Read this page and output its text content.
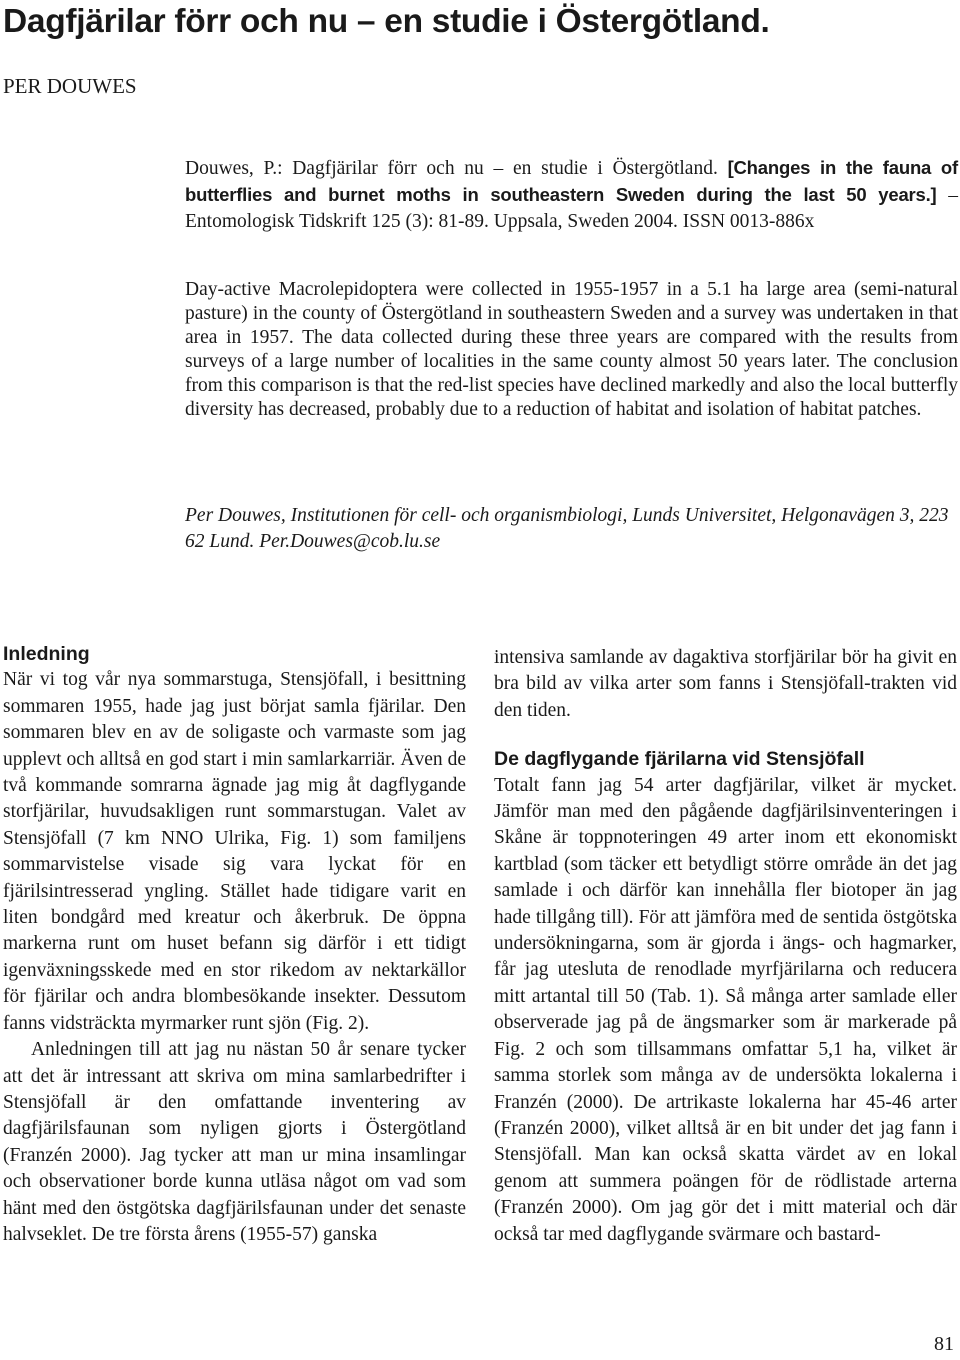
Dagfjärilar förr och nu – en studie i Östergötland.
PER DOUWES
Douwes, P.: Dagfjärilar förr och nu – en studie i Östergötland. [Changes in the fauna of butterflies and burnet moths in southeastern Sweden during the last 50 years.] – Entomologisk Tidskrift 125 (3): 81-89. Uppsala, Sweden 2004. ISSN 0013-886x
Day-active Macrolepidoptera were collected in 1955-1957 in a 5.1 ha large area (semi-natural pasture) in the county of Östergötland in southeastern Sweden and a survey was undertaken in that area in 1957. The data collected during these three years are compared with the results from surveys of a large number of localities in the same county almost 50 years later. The conclusion from this comparison is that the red-list species have declined markedly and also the local butterfly diversity has decreased, probably due to a reduction of habitat and isolation of habitat patches.
Per Douwes, Institutionen för cell- och organismbiologi, Lunds Universitet, Helgonavägen 3, 223 62 Lund. Per.Douwes@cob.lu.se
Inledning

När vi tog vår nya sommarstuga, Stensjöfall, i besittning sommaren 1955, hade jag just börjat samla fjärilar. Den sommaren blev en av de soligaste och varmaste som jag upplevt och alltså en god start i min samlarkarriär. Även de två kommande somrarna ägnade jag mig åt dagflygande storfjärilar, huvudsakligen runt sommarstugan. Valet av Stensjöfall (7 km NNO Ulrika, Fig. 1) som familjens sommarvistelse visade sig vara lyckat för en fjärilsintresserad yngling. Stället hade tidigare varit en liten bondgård med kreatur och åkerbruk. De öppna markerna runt om huset befann sig därför i ett tidigt igenväxningsskede med en stor rikedom av nektarkällor för fjärilar och andra blombesökande insekter. Dessutom fanns vidsträckta myrmarker runt sjön (Fig. 2).

Anledningen till att jag nu nästan 50 år senare tycker att det är intressant att skriva om mina samlarbedrifter i Stensjöfall är den omfattande inventering av dagfjärilsfaunan som nyligen gjorts i Östergötland (Franzén 2000). Jag tycker att man ur mina insamlingar och observationer borde kunna utläsa något om vad som hänt med den östgötska dagfjärilsfaunan under det senaste halvseklet. De tre första årens (1955-57) ganska

intensiva samlande av dagaktiva storfjärilar bör ha givit en bra bild av vilka arter som fanns i Stensjöfall-trakten vid den tiden.

De dagflygande fjärilarna vid Stensjöfall

Totalt fann jag 54 arter dagfjärilar, vilket är mycket. Jämför man med den pågående dagfjärilsinventeringen i Skåne är toppnoteringen 49 arter inom ett ekonomiskt kartblad (som täcker ett betydligt större område än det jag samlade i och därför kan innehålla fler biotoper än jag hade tillgång till). För att jämföra med de sentida östgötska undersökningarna, som är gjorda i ängs- och hagmarker, får jag utesluta de renodlade myrfjärilarna och reducera mitt artantal till 50 (Tab. 1). Så många arter samlade eller observerade jag på de ängsmarker som är markerade på Fig. 2 och som tillsammans omfattar 5,1 ha, vilket är samma storlek som många av de undersökta lokalerna i Franzén (2000). De artrikaste lokalerna har 45-46 arter (Franzén 2000), vilket alltså är en bit under det jag fann i Stensjöfall. Man kan också skatta värdet av en lokal genom att summera poängen för de rödlistade arterna (Franzén 2000). Om jag gör det i mitt material och där också tar med dagflygande svärmare och bastard-

81
